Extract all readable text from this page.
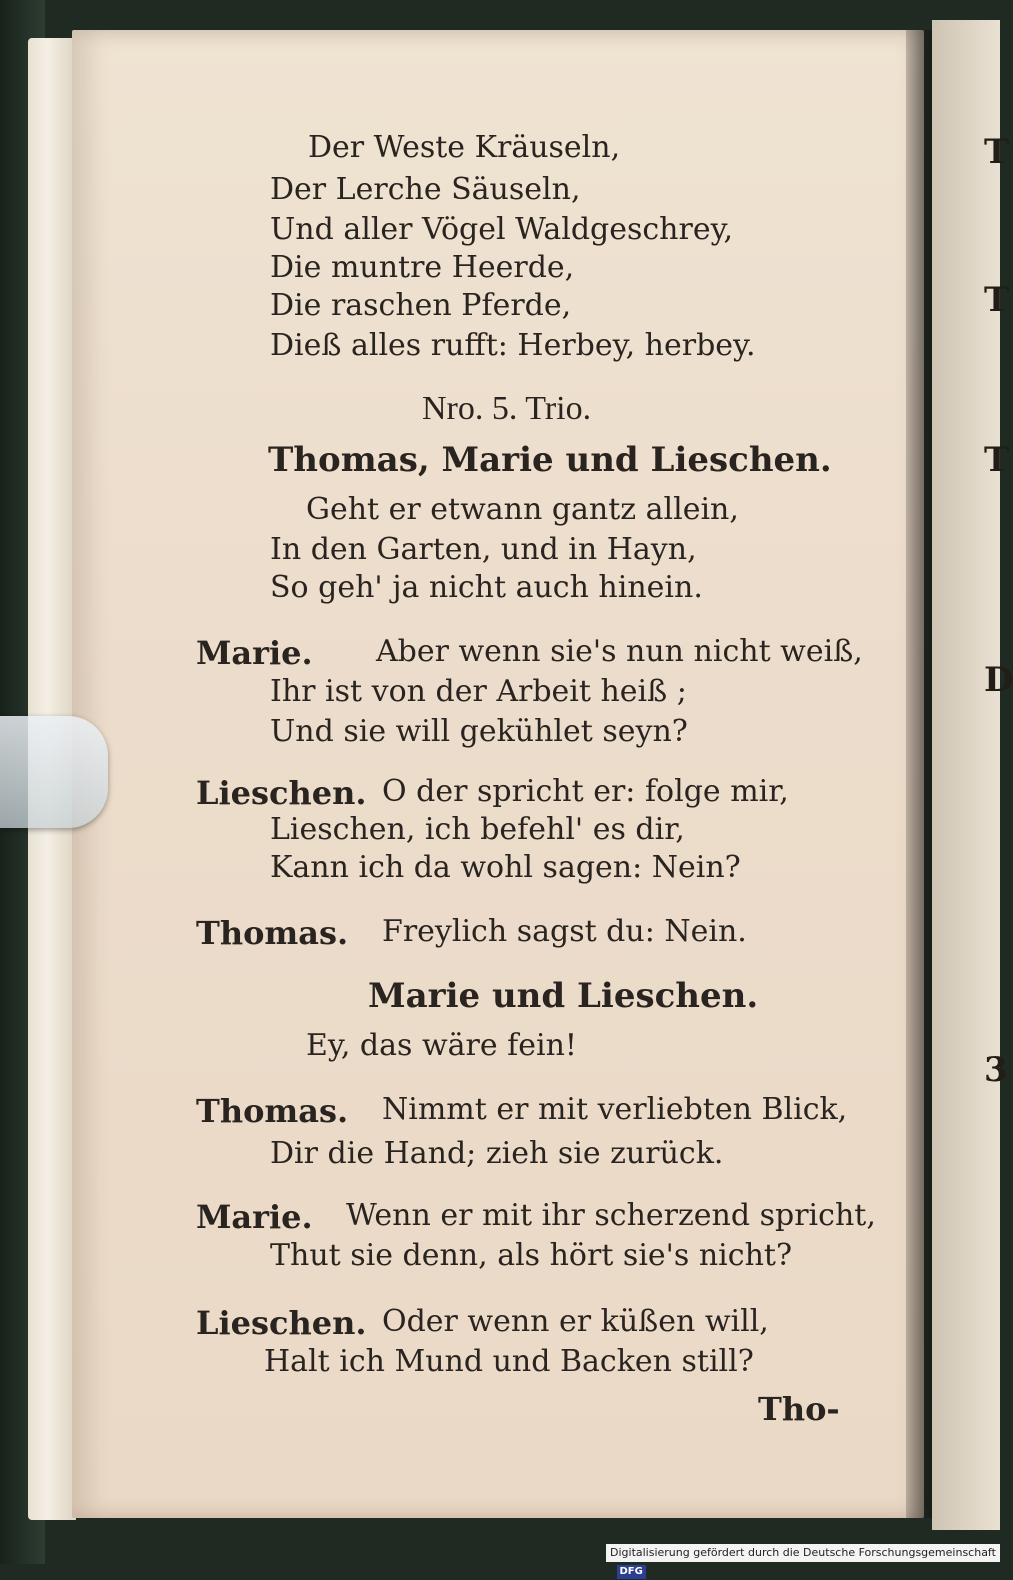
T
T
T
D
3
Der Weste Kräuseln,
Der Lerche Säuseln,
Und aller Vögel Waldgeschrey,
Die muntre Heerde,
Die raschen Pferde,
Dieß alles rufft: Herbey, herbey.
Nro. 5. Trio.
Thomas, Marie und Lieschen.
Geht er etwann gantz allein,
In den Garten, und in Hayn,
So geh' ja nicht auch hinein.
Marie. Aber wenn sie's nun nicht weiß,
Ihr ist von der Arbeit heiß ;
Und sie will gekühlet seyn?
Lieschen. O der spricht er: folge mir,
Lieschen, ich befehl' es dir,
Kann ich da wohl sagen: Nein?
Thomas. Freylich sagst du: Nein.
Marie und Lieschen.
Ey, das wäre fein!
Thomas. Nimmt er mit verliebten Blick,
Dir die Hand; zieh sie zurück.
Marie. Wenn er mit ihr scherzend spricht,
Thut sie denn, als hört sie's nicht?
Lieschen. Oder wenn er küßen will,
Halt ich Mund und Backen still?
Tho-
Digitalisierung gefördert durch die Deutsche Forschungsgemeinschaft · DFG
